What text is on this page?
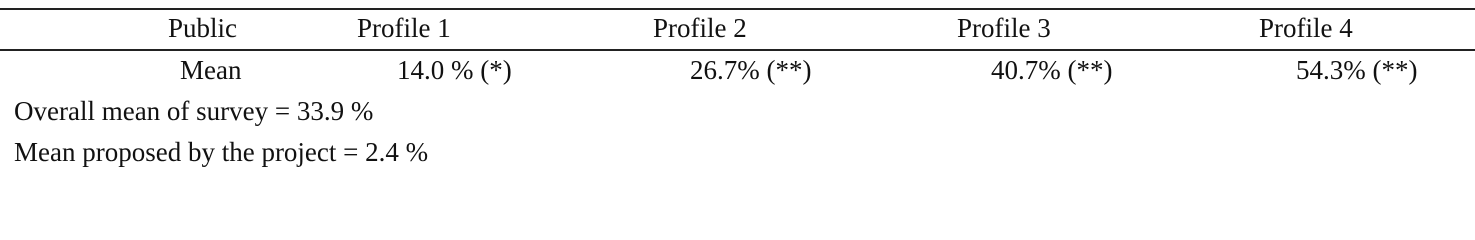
Public	Profile 1	Profile 2	Profile 3	Profile 4
Mean	14.0 % (*)	26.7% (**)	40.7% (**)	54.3% (**)
Overall mean of survey = 33.9 %
Mean proposed by the project = 2.4 %
